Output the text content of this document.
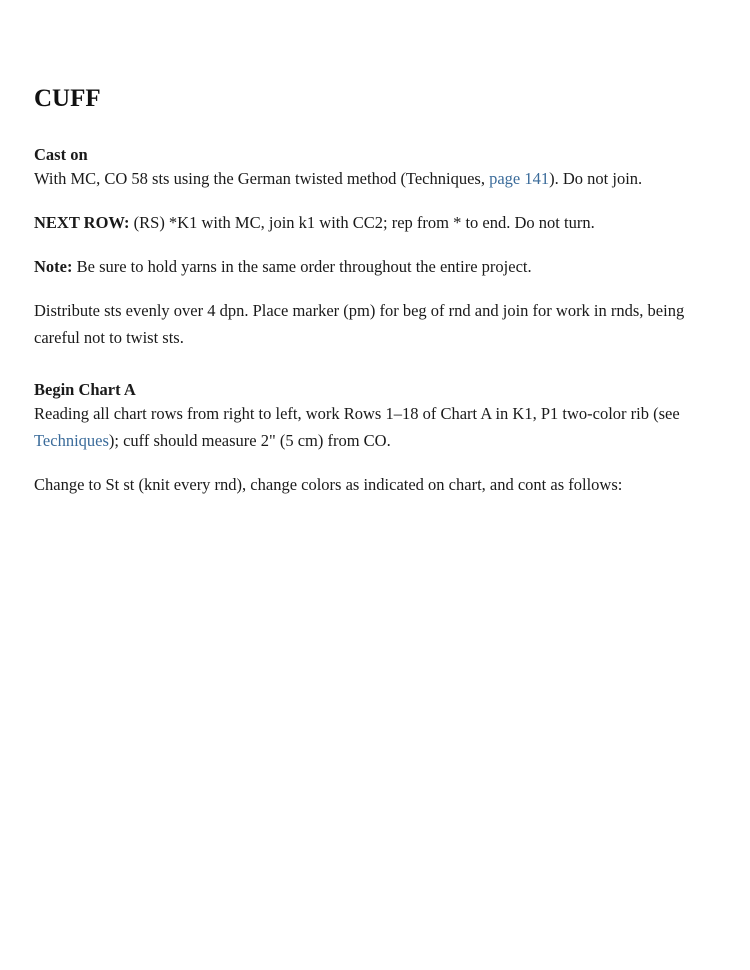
CUFF
Cast on

With MC, CO 58 sts using the German twisted method (Techniques, page 141). Do not join.

NEXT ROW: (RS) *K1 with MC, join k1 with CC2; rep from * to end. Do not turn.

Note: Be sure to hold yarns in the same order throughout the entire project.

Distribute sts evenly over 4 dpn. Place marker (pm) for beg of rnd and join for work in rnds, being careful not to twist sts.

Begin Chart A

Reading all chart rows from right to left, work Rows 1–18 of Chart A in K1, P1 two-color rib (see Techniques); cuff should measure 2" (5 cm) from CO.

Change to St st (knit every rnd), change colors as indicated on chart, and cont as follows:
